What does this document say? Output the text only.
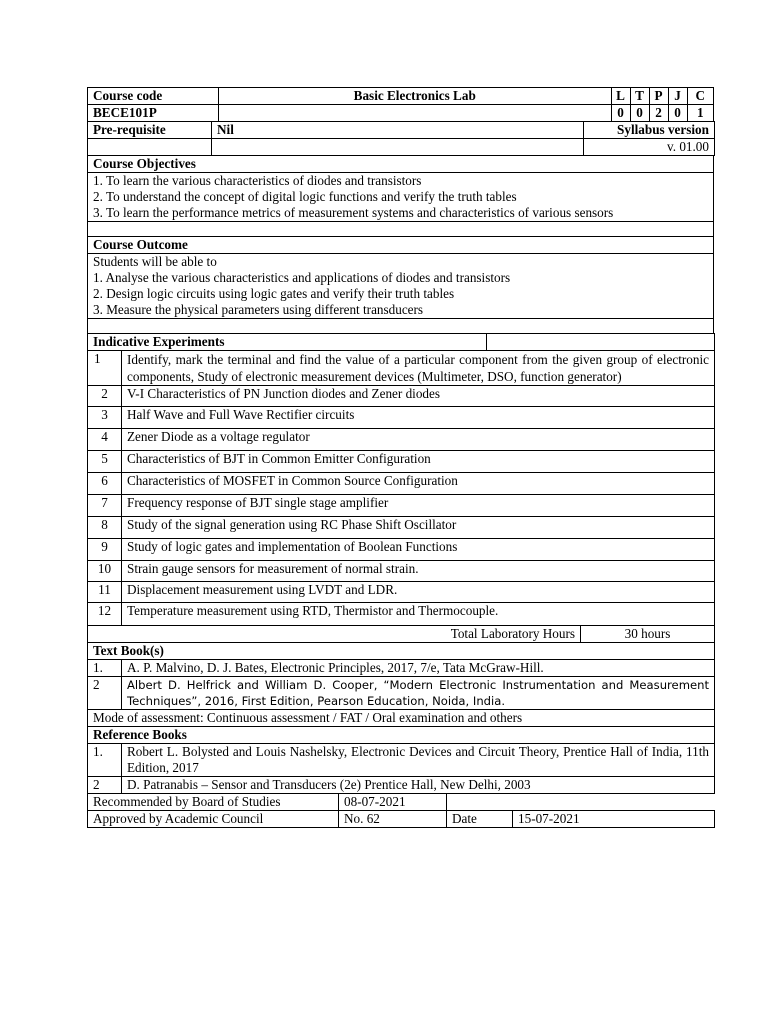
Course code	Basic Electronics Lab	L	T	P	J	C
BECE101P		0	0	2	0	1
Pre-requisite	Nil	Syllabus version
		v. 01.00
Course Objectives

1. To learn the various characteristics of diodes and transistors
2. To understand the concept of digital logic functions and verify the truth tables
3. To learn the performance metrics of measurement systems and characteristics of various sensors

Course Outcome

Students will be able to
1. Analyse the various characteristics and applications of diodes and transistors
2. Design logic circuits using logic gates and verify their truth tables
3. Measure the physical parameters using different transducers

Indicative Experiments			
1	Identify, mark the terminal and find the value of a particular component from the given group of electronic components, Study of electronic measurement devices (Multimeter, DSO, function generator)		
2	V-I Characteristics of PN Junction diodes and Zener diodes		
3	Half Wave and Full Wave Rectifier circuits		
4	Zener Diode as a voltage regulator		
5	Characteristics of BJT in Common Emitter Configuration		
6	Characteristics of MOSFET in Common Source Configuration		
7	Frequency response of BJT single stage amplifier		
8	Study of the signal generation using RC Phase Shift Oscillator		
9	Study of logic gates and implementation of Boolean Functions		
10	Strain gauge sensors for measurement of normal strain.		
11	Displacement measurement using LVDT and LDR.		
12	Temperature measurement using RTD, Thermistor and Thermocouple.		
Total Laboratory Hours			30 hours
Text Book(s)	
1.	A. P. Malvino, D. J. Bates, Electronic Principles, 2017, 7/e, Tata McGraw-Hill.
2	Albert D. Helfrick and William D. Cooper, “Modern Electronic Instrumentation and Measurement Techniques”, 2016, First Edition, Pearson Education, Noida, India.
Mode of assessment: Continuous assessment / FAT / Oral examination and others	
Reference Books	
1.	Robert L. Bolysted and Louis Nashelsky, Electronic Devices and Circuit Theory, Prentice Hall of India, 11th Edition, 2017
2	D. Patranabis – Sensor and Transducers (2e) Prentice Hall, New Delhi, 2003
Recommended by Board of Studies	08-07-2021		
Approved by Academic Council	No. 62	Date	15-07-2021
